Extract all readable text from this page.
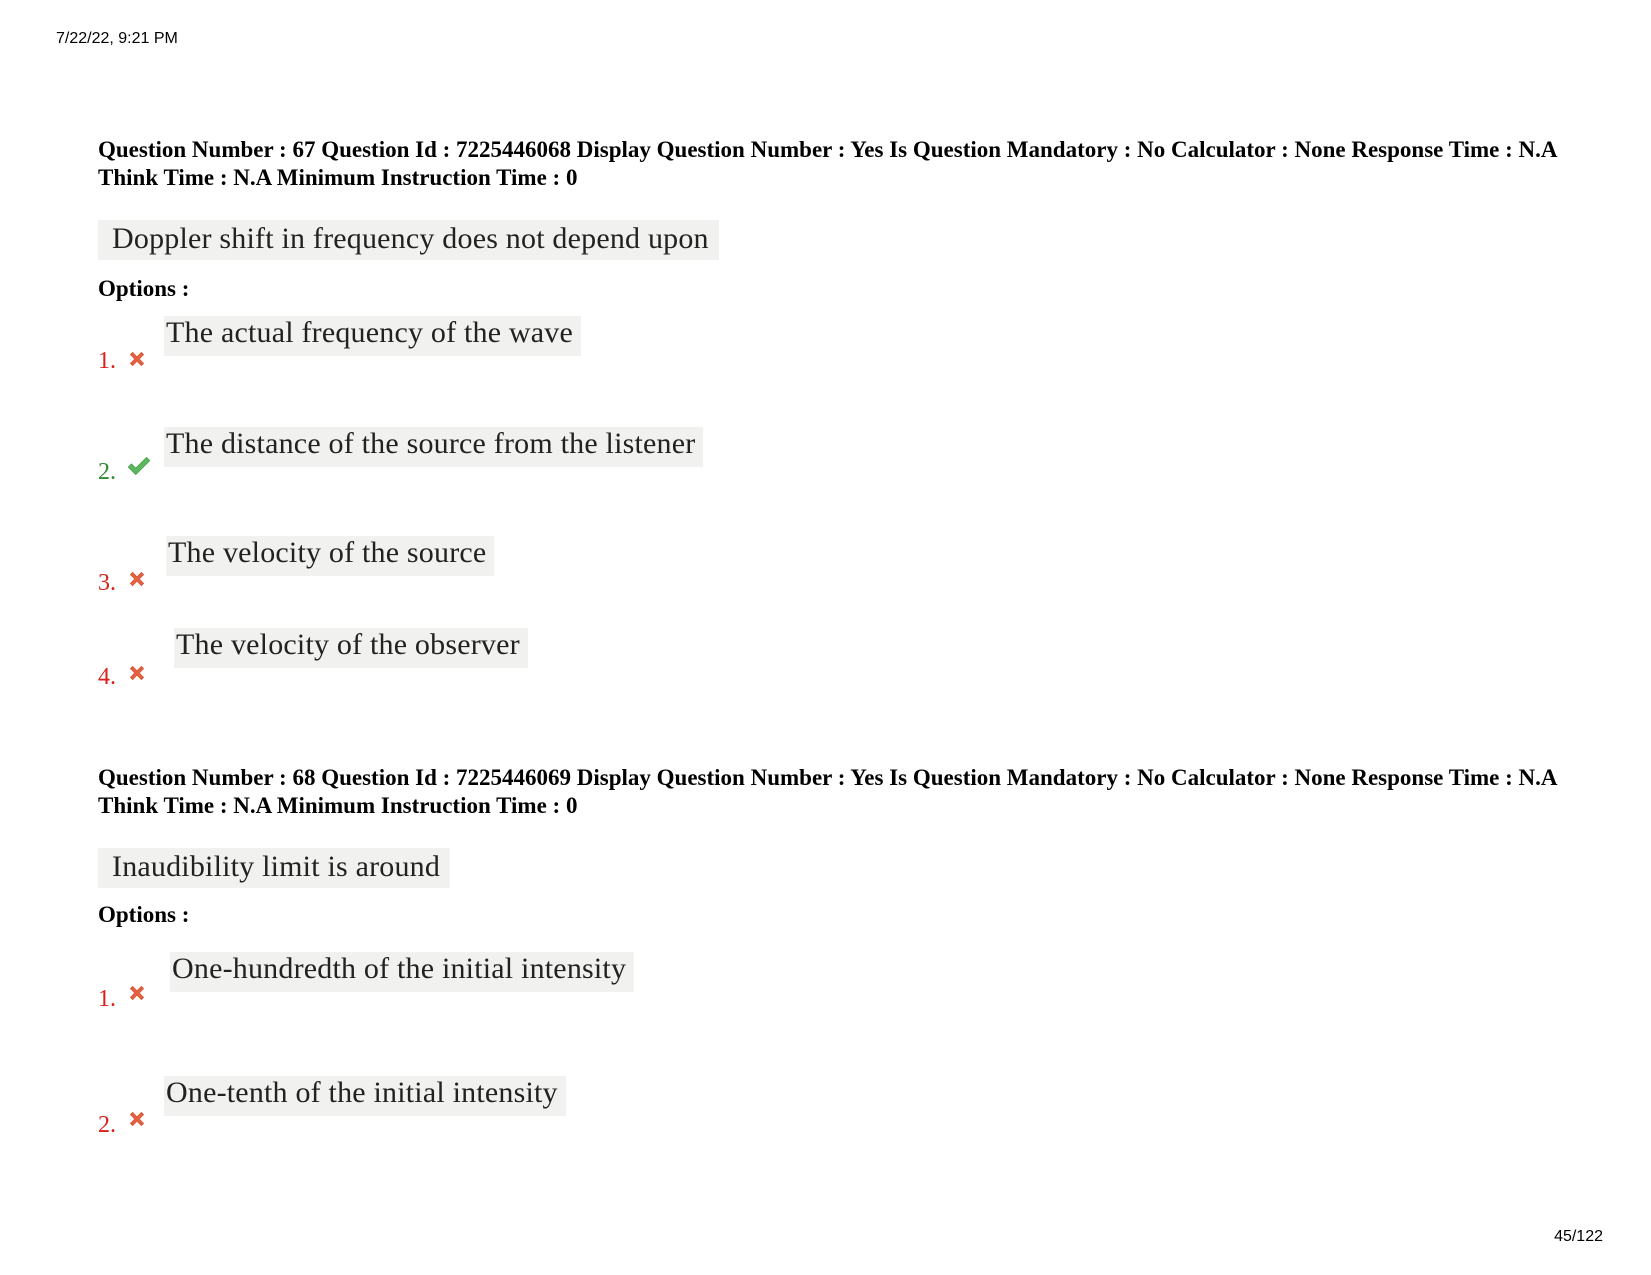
7/22/22, 9:21 PM

Question Number : 67 Question Id : 7225446068 Display Question Number : Yes Is Question Mandatory : No Calculator : None Response Time : N.A Think Time : N.A Minimum Instruction Time : 0

Doppler shift in frequency does not depend upon
Options :
1.
The actual frequency of the wave
2.
The distance of the source from the listener
3.
The velocity of the source
4.
The velocity of the observer

Question Number : 68 Question Id : 7225446069 Display Question Number : Yes Is Question Mandatory : No Calculator : None Response Time : N.A Think Time : N.A Minimum Instruction Time : 0

Inaudibility limit is around
Options :
1.
One-hundredth of the initial intensity
2.
One-tenth of the initial intensity
45/122
